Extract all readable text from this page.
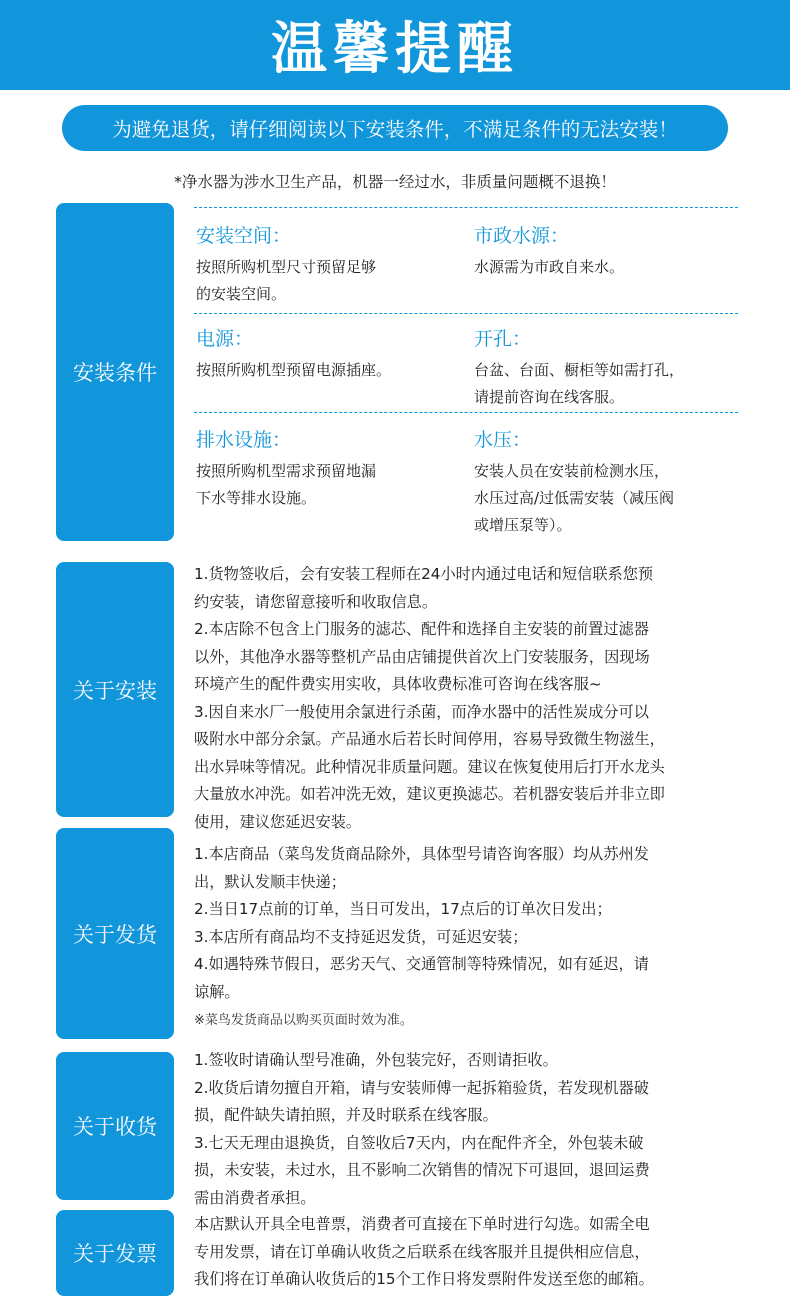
温馨提醒
为避免退货，请仔细阅读以下安装条件，不满足条件的无法安装！
*净水器为涉水卫生产品，机器一经过水，非质量问题概不退换！
安装条件
安装空间：
按照所购机型尺寸预留足够
的安装空间。
市政水源：
水源需为市政自来水。
电源：
按照所购机型预留电源插座。
开孔：
台盆、台面、橱柜等如需打孔，
请提前咨询在线客服。
排水设施：
按照所购机型需求预留地漏
下水等排水设施。
水压：
安装人员在安装前检测水压，
水压过高/过低需安装（减压阀
或增压泵等）。
关于安装

1.货物签收后，会有安装工程师在24小时内通过电话和短信联系您预

约安装，请您留意接听和收取信息。

2.本店除不包含上门服务的滤芯、配件和选择自主安装的前置过滤器

以外，其他净水器等整机产品由店铺提供首次上门安装服务，因现场

环境产生的配件费实用实收，具体收费标准可咨询在线客服~

3.因自来水厂一般使用余氯进行杀菌，而净水器中的活性炭成分可以

吸附水中部分余氯。产品通水后若长时间停用，容易导致微生物滋生，

出水异味等情况。此种情况非质量问题。建议在恢复使用后打开水龙头

大量放水冲洗。如若冲洗无效，建议更换滤芯。若机器安装后并非立即

使用，建议您延迟安装。

关于发货

1.本店商品（菜鸟发货商品除外，具体型号请咨询客服）均从苏州发

出，默认发顺丰快递；

2.当日17点前的订单，当日可发出，17点后的订单次日发出；

3.本店所有商品均不支持延迟发货，可延迟安装；

4.如遇特殊节假日，恶劣天气、交通管制等特殊情况，如有延迟，请

谅解。

※菜鸟发货商品以购买页面时效为准。

关于收货

1.签收时请确认型号准确，外包装完好，否则请拒收。

2.收货后请勿擅自开箱，请与安装师傅一起拆箱验货，若发现机器破

损，配件缺失请拍照，并及时联系在线客服。

3.七天无理由退换货，自签收后7天内，内在配件齐全，外包装未破

损，未安装，未过水，且不影响二次销售的情况下可退回，退回运费

需由消费者承担。

关于发票

本店默认开具全电普票，消费者可直接在下单时进行勾选。如需全电

专用发票，请在订单确认收货之后联系在线客服并且提供相应信息，

我们将在订单确认收货后的15个工作日将发票附件发送至您的邮箱。
